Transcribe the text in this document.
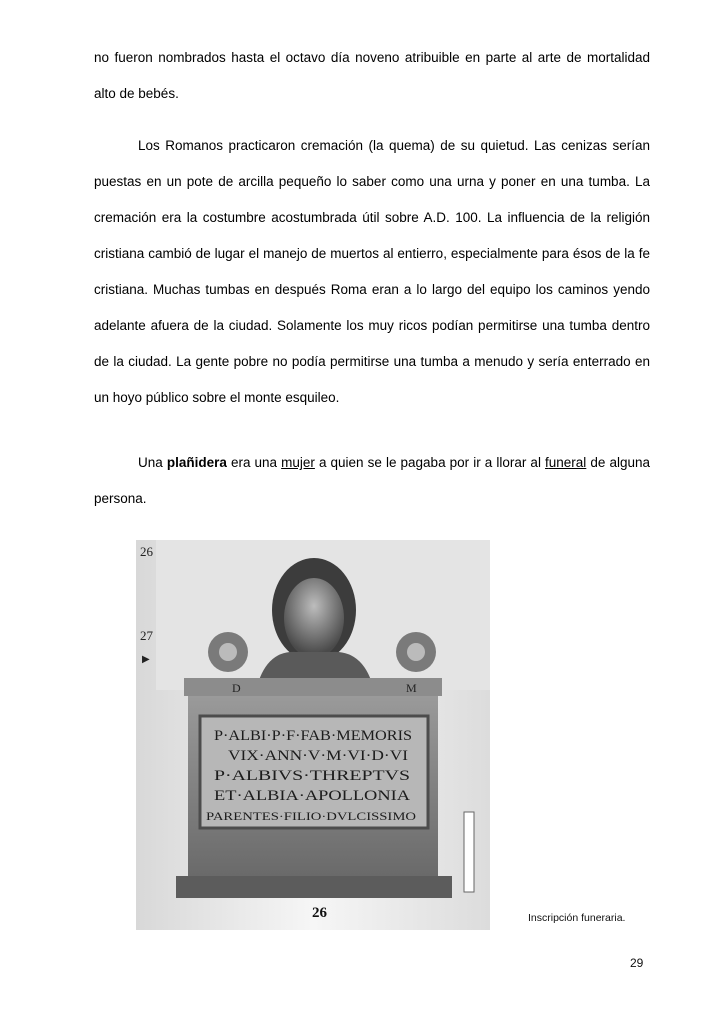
no fueron nombrados hasta el octavo día noveno atribuible en parte al arte de mortalidad alto de bebés.

Los Romanos practicaron cremación (la quema) de su quietud. Las cenizas serían puestas en un pote de arcilla pequeño lo saber como una urna y poner en una tumba. La cremación era la costumbre acostumbrada útil sobre A.D. 100. La influencia de la religión cristiana cambió de lugar el manejo de muertos al entierro, especialmente para ésos de la fe cristiana. Muchas tumbas en después Roma eran a lo largo del equipo los caminos yendo adelante afuera de la ciudad. Solamente los muy ricos podían permitirse una tumba dentro de la ciudad. La gente pobre no podía permitirse una tumba a menudo y sería enterrado en un hoyo público sobre el monte esquileo.

Una plañidera era una mujer a quien se le pagaba por ir a llorar al funeral de alguna persona.

26
27
▶
D	M
P·ALBI·P·F·FAB·MEMORIS
VIX·ANN·V·M·VI·D·VI
P·ALBIVS·THREPTVS
ET·ALBIA·APOLLONIA
PARENTES·FILIO·DVLCISSIMO
26	Inscripción funeraria.
29
